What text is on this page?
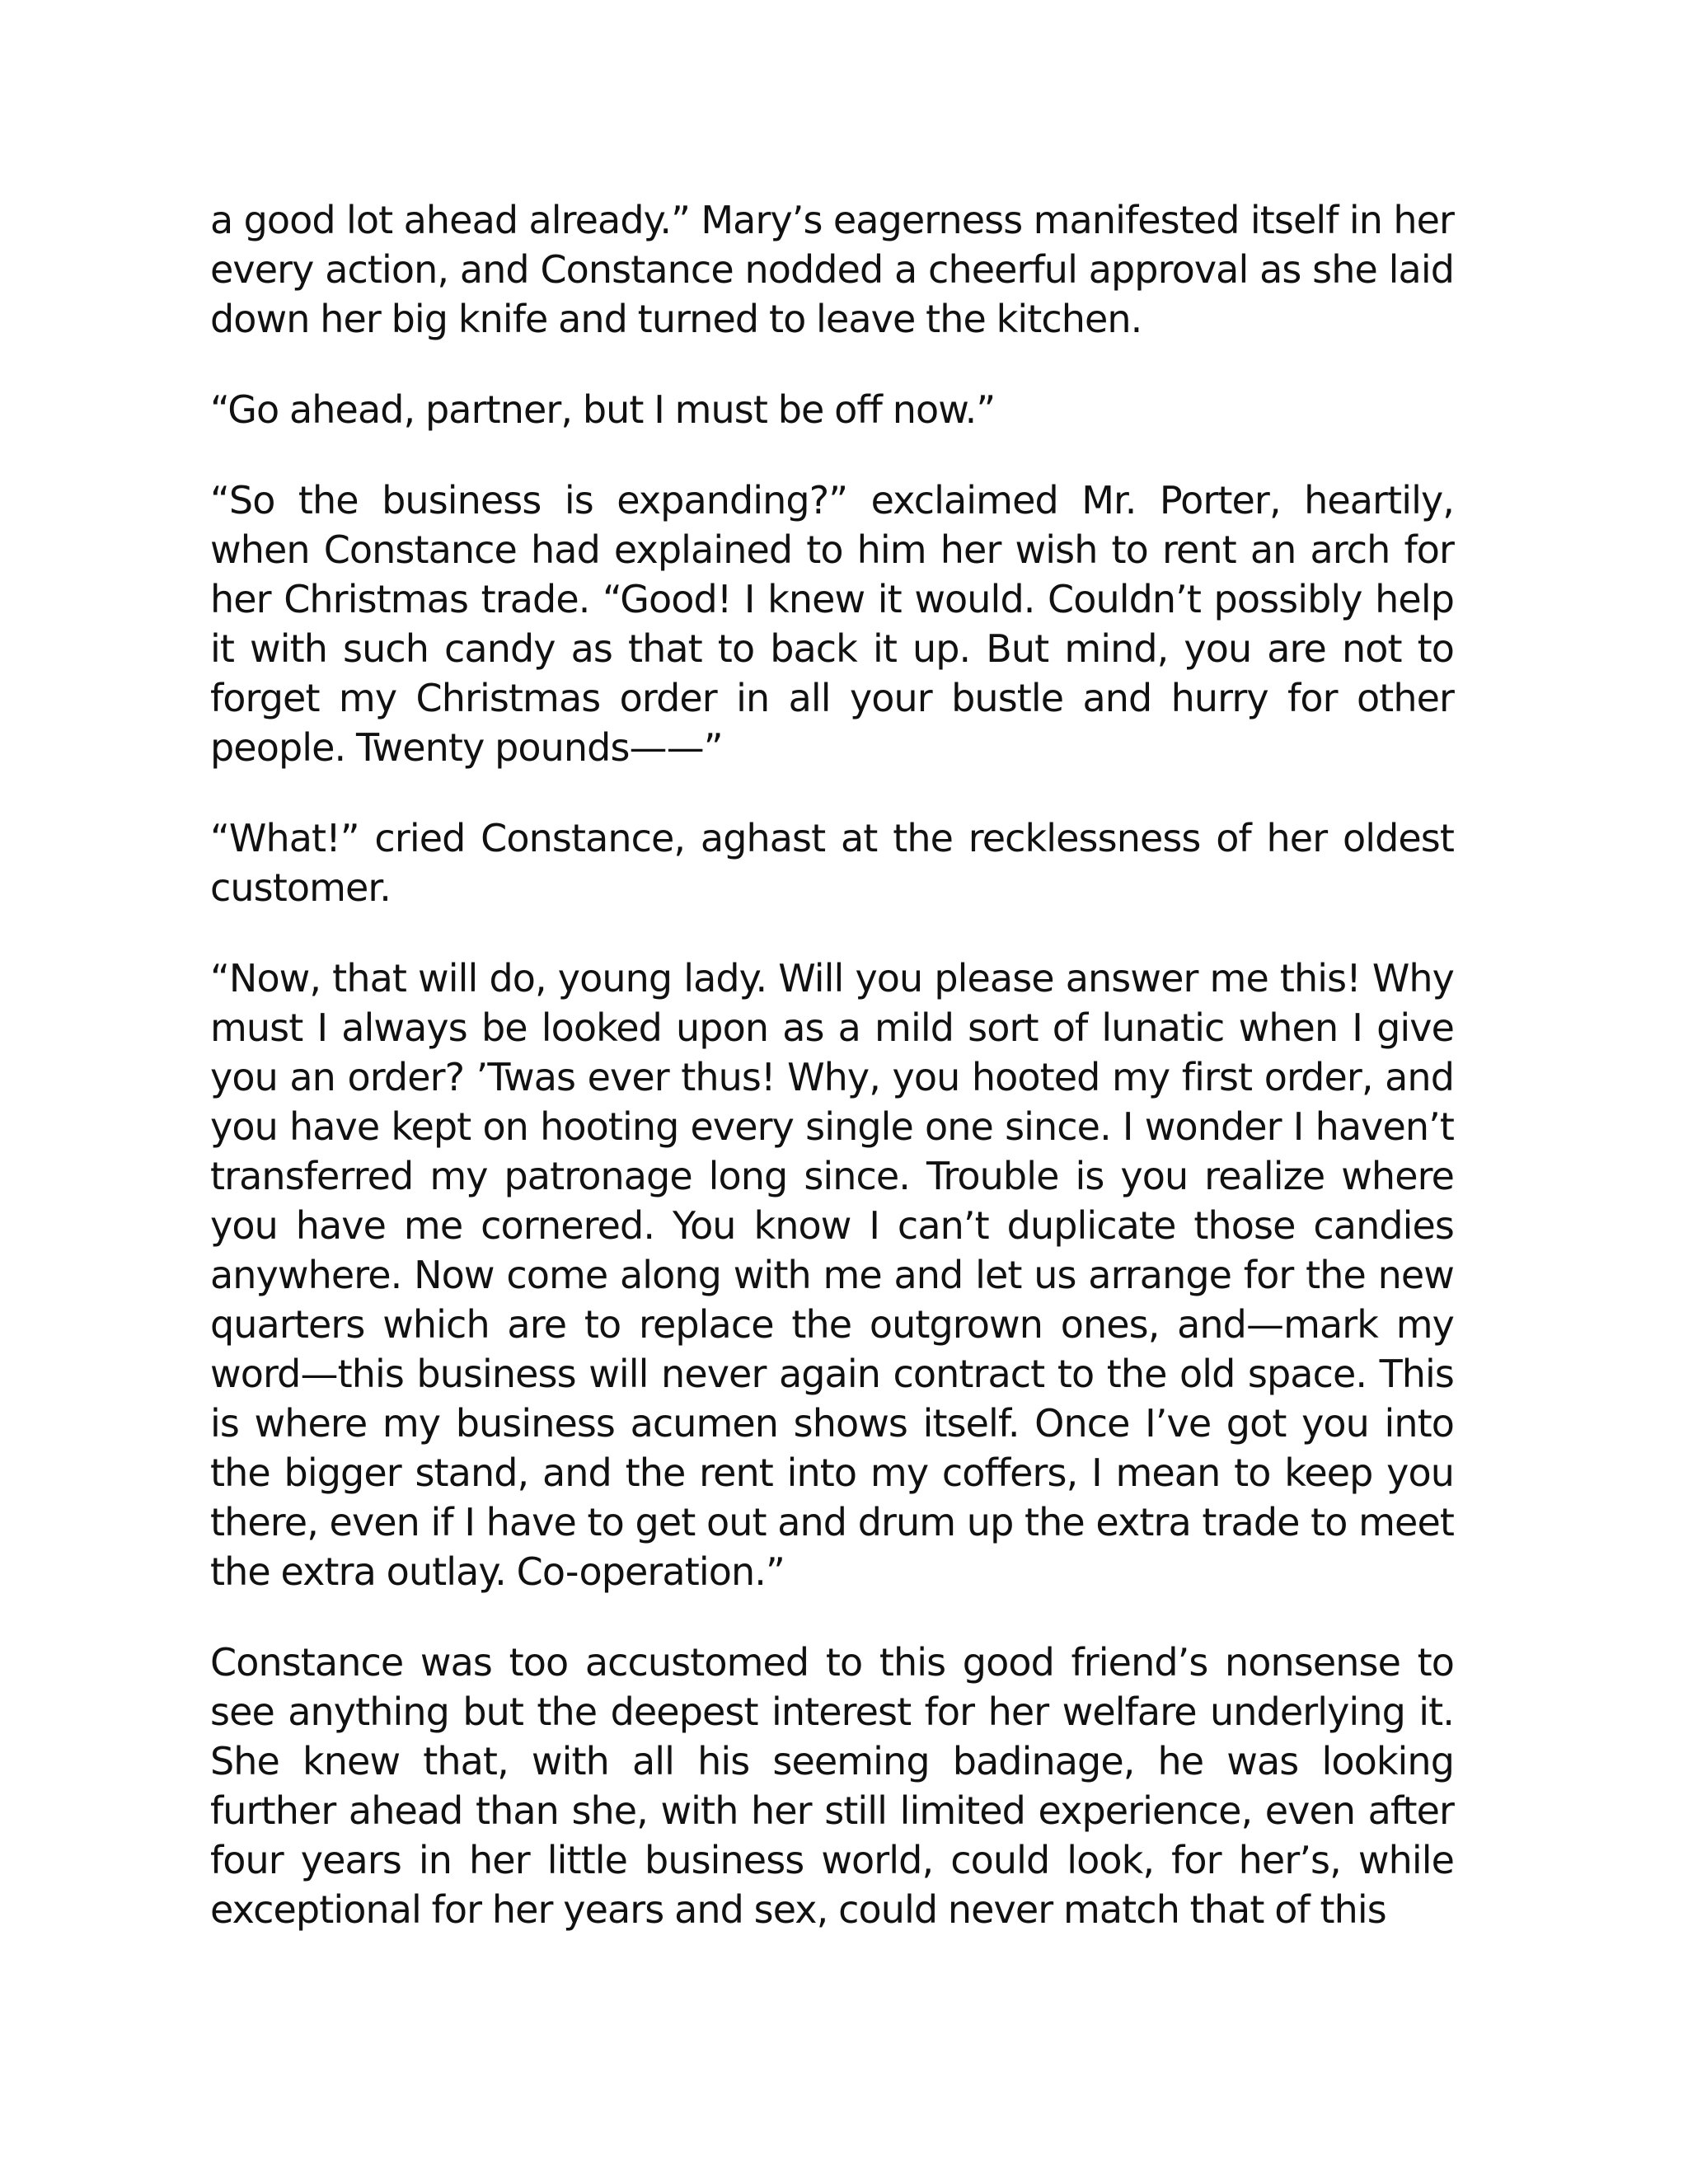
a good lot ahead already.” Mary’s eagerness manifested itself in her every action, and Constance nodded a cheerful approval as she laid down her big knife and turned to leave the kitchen.

“Go ahead, partner, but I must be off now.”

“So the business is expanding?” exclaimed Mr. Porter, heartily, when Constance had explained to him her wish to rent an arch for her Christmas trade. “Good! I knew it would. Couldn’t possibly help it with such candy as that to back it up. But mind, you are not to forget my Christmas order in all your bustle and hurry for other people. Twenty pounds——”

“What!” cried Constance, aghast at the recklessness of her oldest customer.

“Now, that will do, young lady. Will you please answer me this! Why must I always be looked upon as a mild sort of lunatic when I give you an order? ’Twas ever thus! Why, you hooted my first order, and you have kept on hooting every single one since. I wonder I haven’t transferred my patronage long since. Trouble is you realize where you have me cornered. You know I can’t duplicate those candies anywhere. Now come along with me and let us arrange for the new quarters which are to replace the outgrown ones, and—mark my word—this business will never again contract to the old space. This is where my business acumen shows itself. Once I’ve got you into the bigger stand, and the rent into my coffers, I mean to keep you there, even if I have to get out and drum up the extra trade to meet the extra outlay. Co-operation.”

Constance was too accustomed to this good friend’s nonsense to see anything but the deepest interest for her welfare underlying it. She knew that, with all his seeming badinage, he was looking further ahead than she, with her still limited experience, even after four years in her little business world, could look, for her’s, while exceptional for her years and sex, could never match that of this
